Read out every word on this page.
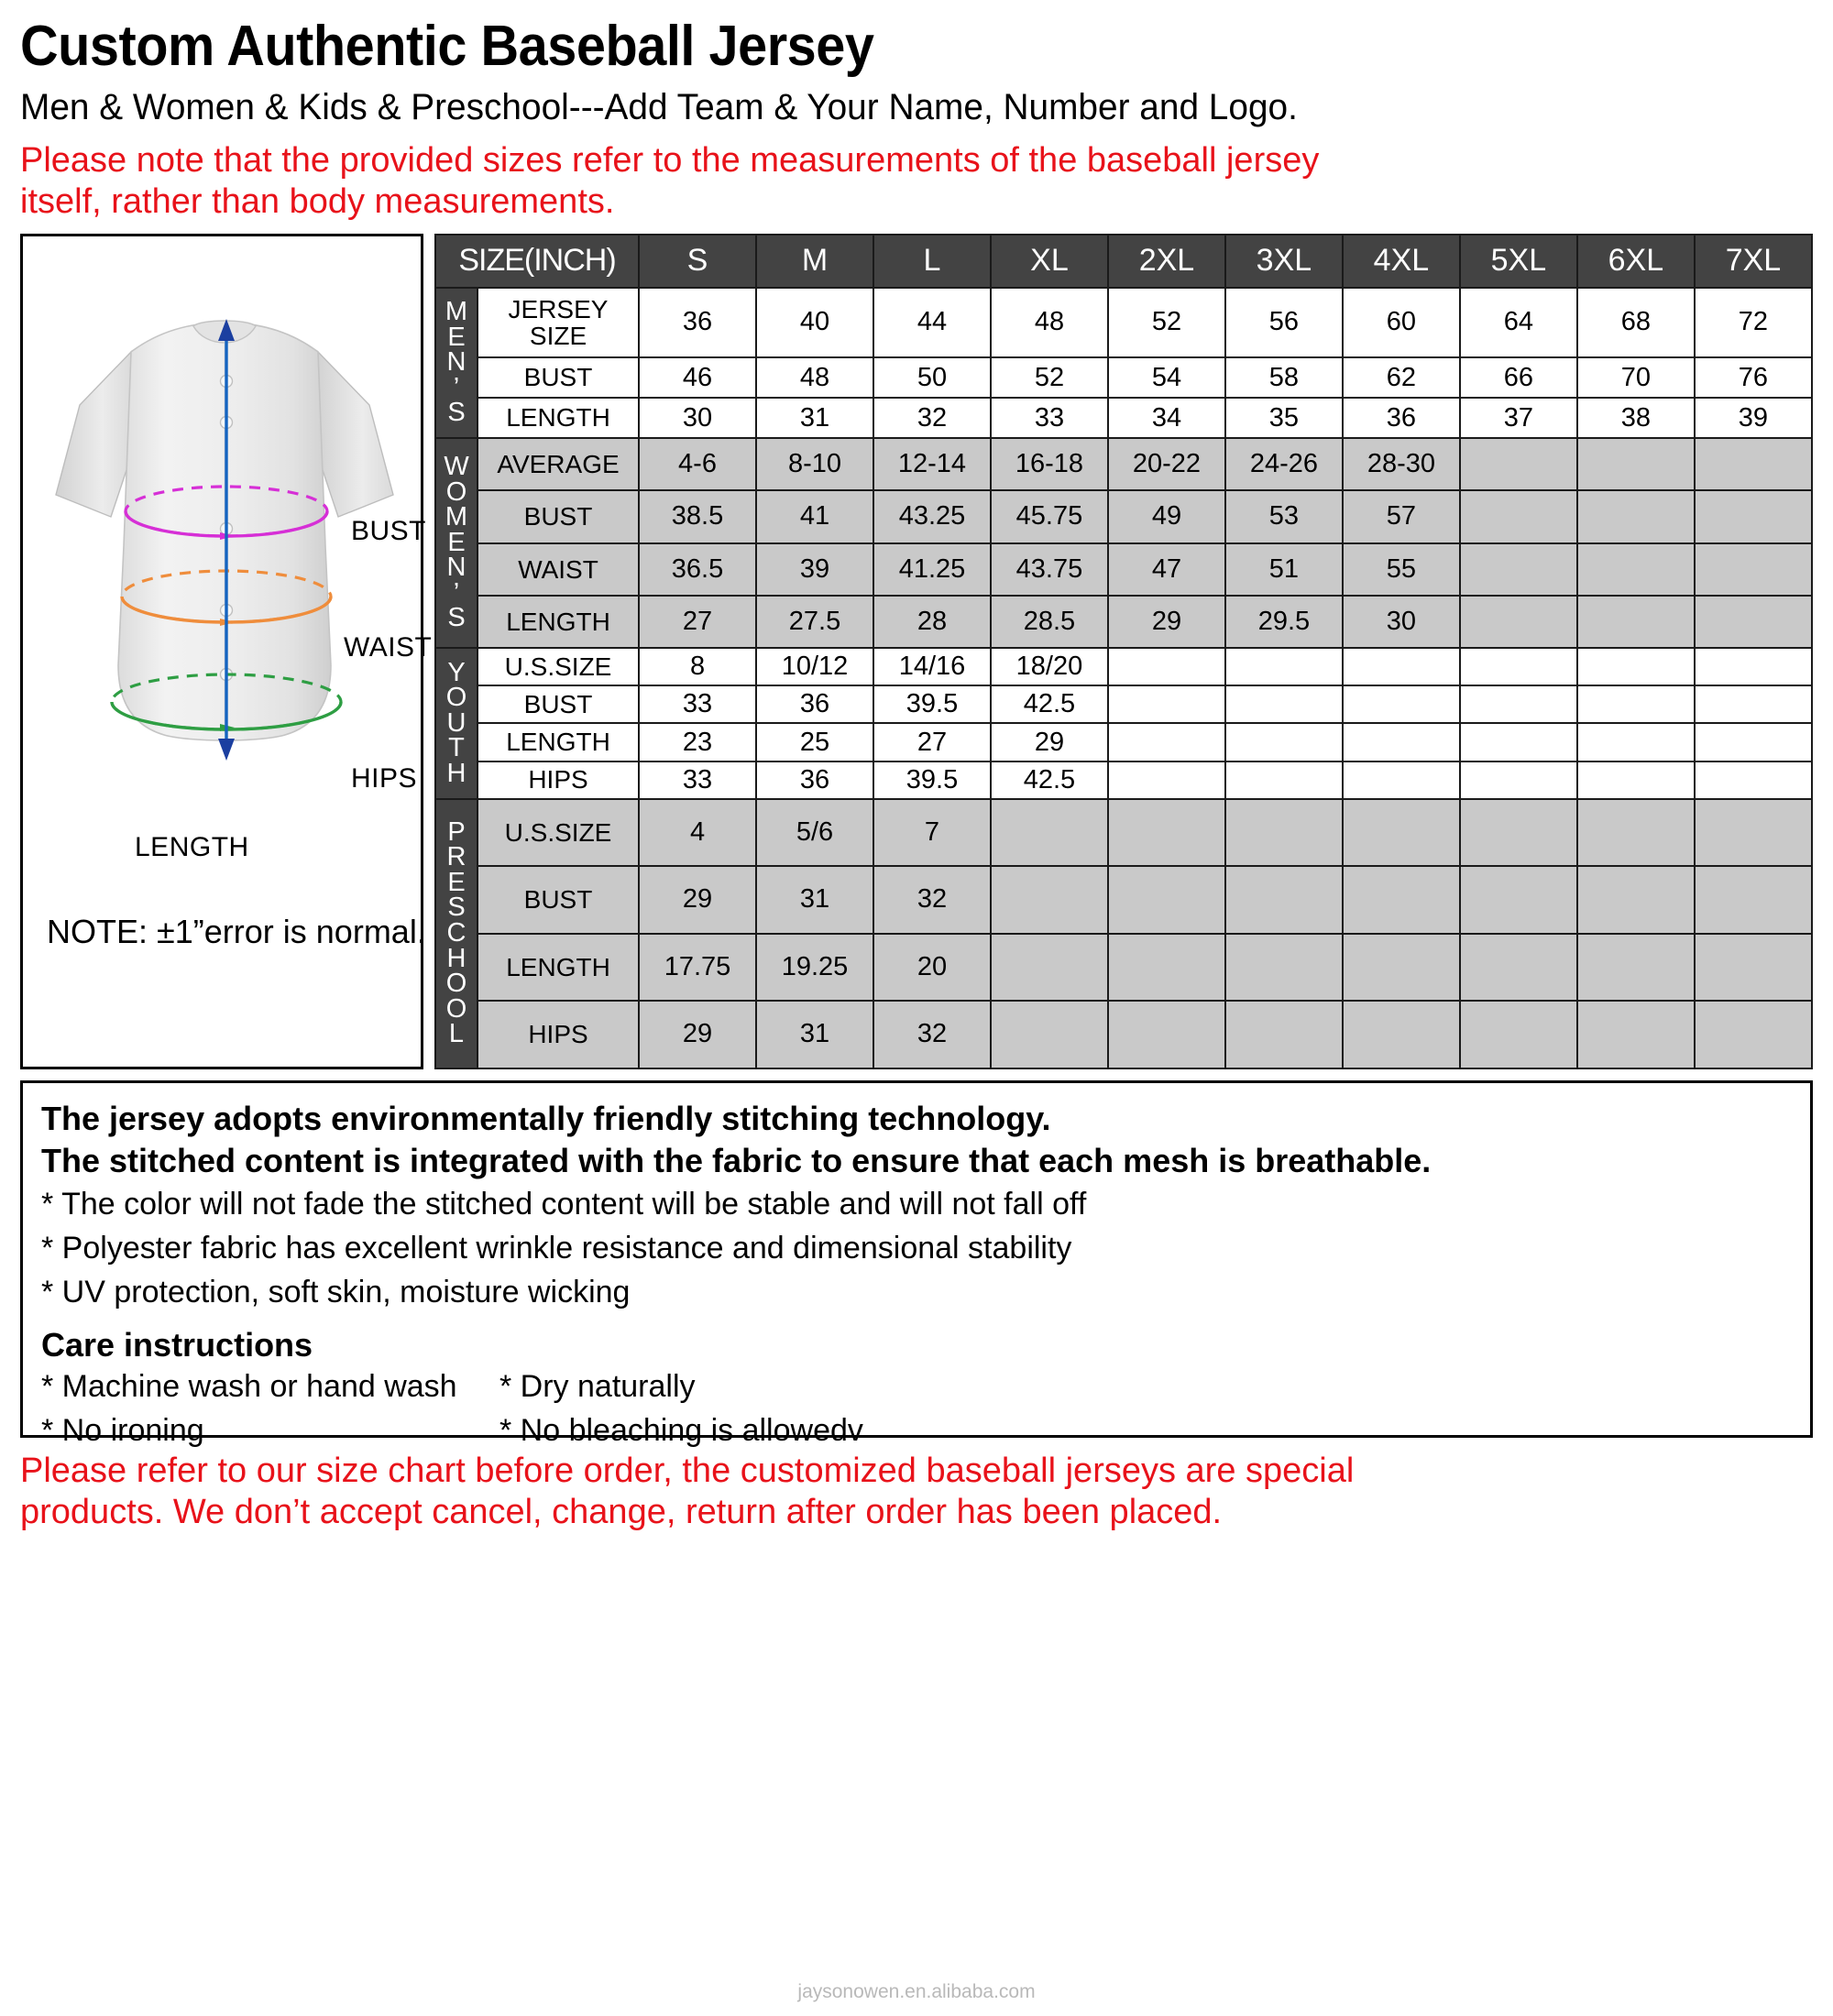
Custom Authentic Baseball Jersey
Men & Women & Kids & Preschool---Add Team & Your Name, Number and Logo.
Please note that the provided sizes refer to the measurements of the baseball jersey
itself, rather than body measurements.
BUST
WAIST
HIPS
LENGTH
NOTE: ±1”error is normal.
SIZE(INCH)		S	M	L	XL	2XL	3XL	4XL	5XL	6XL	7XL

M
E
N
’
S	JERSEY SIZE	36	40	44	48	52	56	60	64	68	72
	BUST	46	48	50	52	54	58	62	66	70	76
	LENGTH	30	31	32	33	34	35	36	37	38	39

W
O
M
E
N
’
S
	AVERAGE	4-6	8-10	12-14	16-18	20-22	24-26	28-30			
	BUST	38.5	41	43.25	45.75	49	53	57			
	WAIST	36.5	39	41.25	43.75	47	51	55			
	LENGTH	27	27.5	28	28.5	29	29.5	30			

Y
O
U
T
H	U.S.SIZE	8	10/12	14/16	18/20						
	BUST	33	36	39.5	42.5						
	LENGTH	23	25	27	29						
	HIPS	33	36	39.5	42.5						

P
R
E
S
C
H
O
O
L
	U.S.SIZE	4	5/6	7							
	BUST	29	31	32							
	LENGTH	17.75	19.25	20							
	HIPS	29	31	32							
The jersey adopts environmentally friendly stitching technology.
The stitched content is integrated with the fabric to ensure that each mesh is breathable.
* The color will not fade the stitched content will be stable and will not fall off
* Polyester fabric has excellent wrinkle resistance and dimensional stability
* UV protection, soft skin, moisture wicking
Care instructions
* Machine wash or hand wash
* No ironing
* Dry naturally
* No bleaching is allowedv
Please refer to our size chart before order, the customized baseball jerseys are special
products. We don’t accept cancel, change, return after order has been placed.
jaysonowen.en.alibaba.com
